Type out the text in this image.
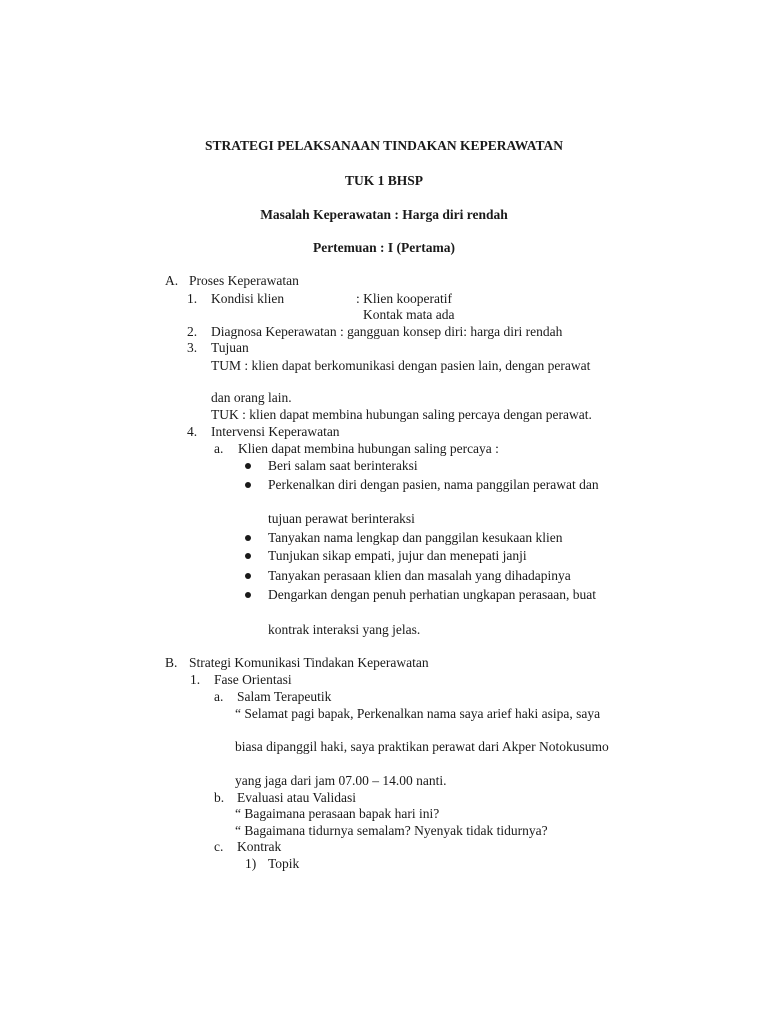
STRATEGI PELAKSANAAN TINDAKAN KEPERAWATAN
TUK 1 BHSP
Masalah Keperawatan : Harga diri rendah
Pertemuan : I (Pertama)
A. Proses Keperawatan
1. Kondisi klien	: Klien kooperatif
Kontak mata ada
2. Diagnosa Keperawatan : gangguan konsep diri: harga diri rendah
3. Tujuan
TUM : klien dapat berkomunikasi dengan pasien lain, dengan perawat
dan orang lain.
TUK : klien dapat membina hubungan saling percaya dengan perawat.
4. Intervensi Keperawatan
a. Klien dapat membina hubungan saling percaya :
Beri salam saat berinteraksi
Perkenalkan diri dengan pasien, nama panggilan perawat dan
tujuan perawat berinteraksi
Tanyakan nama lengkap dan panggilan kesukaan klien
Tunjukan sikap empati, jujur dan menepati janji
Tanyakan perasaan klien dan masalah yang dihadapinya
Dengarkan dengan penuh perhatian ungkapan perasaan, buat
kontrak interaksi yang jelas.
B. Strategi Komunikasi Tindakan Keperawatan
1. Fase Orientasi
a. Salam Terapeutik
“ Selamat pagi bapak, Perkenalkan nama saya arief haki asipa, saya
biasa dipanggil haki, saya praktikan perawat dari Akper Notokusumo
yang jaga dari jam 07.00 – 14.00 nanti.
b. Evaluasi atau Validasi
“ Bagaimana perasaan bapak hari ini?
“ Bagaimana tidurnya semalam? Nyenyak tidak tidurnya?
c. Kontrak
1) Topik
